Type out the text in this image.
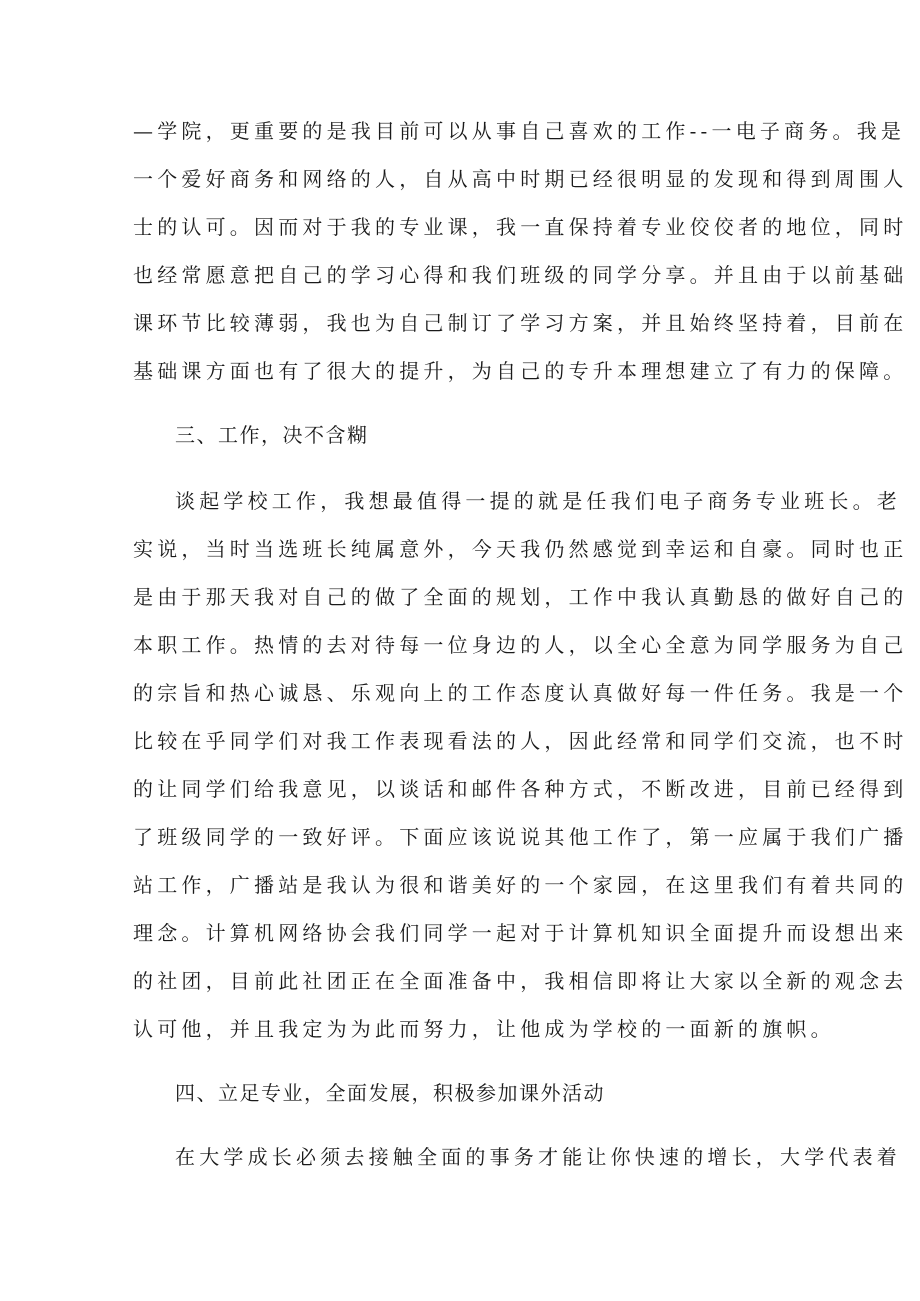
—学院，更重要的是我目前可以从事自己喜欢的工作--一电子商务。我是
一个爱好商务和网络的人，自从高中时期已经很明显的发现和得到周围人
士的认可。因而对于我的专业课，我一直保持着专业佼佼者的地位，同时
也经常愿意把自己的学习心得和我们班级的同学分享。并且由于以前基础
课环节比较薄弱，我也为自己制订了学习方案，并且始终坚持着，目前在
基础课方面也有了很大的提升，为自己的专升本理想建立了有力的保障。
三、工作，决不含糊
谈起学校工作，我想最值得一提的就是任我们电子商务专业班长。老
实说，当时当选班长纯属意外，今天我仍然感觉到幸运和自豪。同时也正
是由于那天我对自己的做了全面的规划，工作中我认真勤恳的做好自己的
本职工作。热情的去对待每一位身边的人，以全心全意为同学服务为自己
的宗旨和热心诚恳、乐观向上的工作态度认真做好每一件任务。我是一个
比较在乎同学们对我工作表现看法的人，因此经常和同学们交流，也不时
的让同学们给我意见，以谈话和邮件各种方式，不断改进，目前已经得到
了班级同学的一致好评。下面应该说说其他工作了，第一应属于我们广播
站工作，广播站是我认为很和谐美好的一个家园，在这里我们有着共同的
理念。计算机网络协会我们同学一起对于计算机知识全面提升而设想出来
的社团，目前此社团正在全面准备中，我相信即将让大家以全新的观念去
认可他，并且我定为为此而努力，让他成为学校的一面新的旗帜。
四、立足专业，全面发展，积极参加课外活动
在大学成长必须去接触全面的事务才能让你快速的增长，大学代表着
